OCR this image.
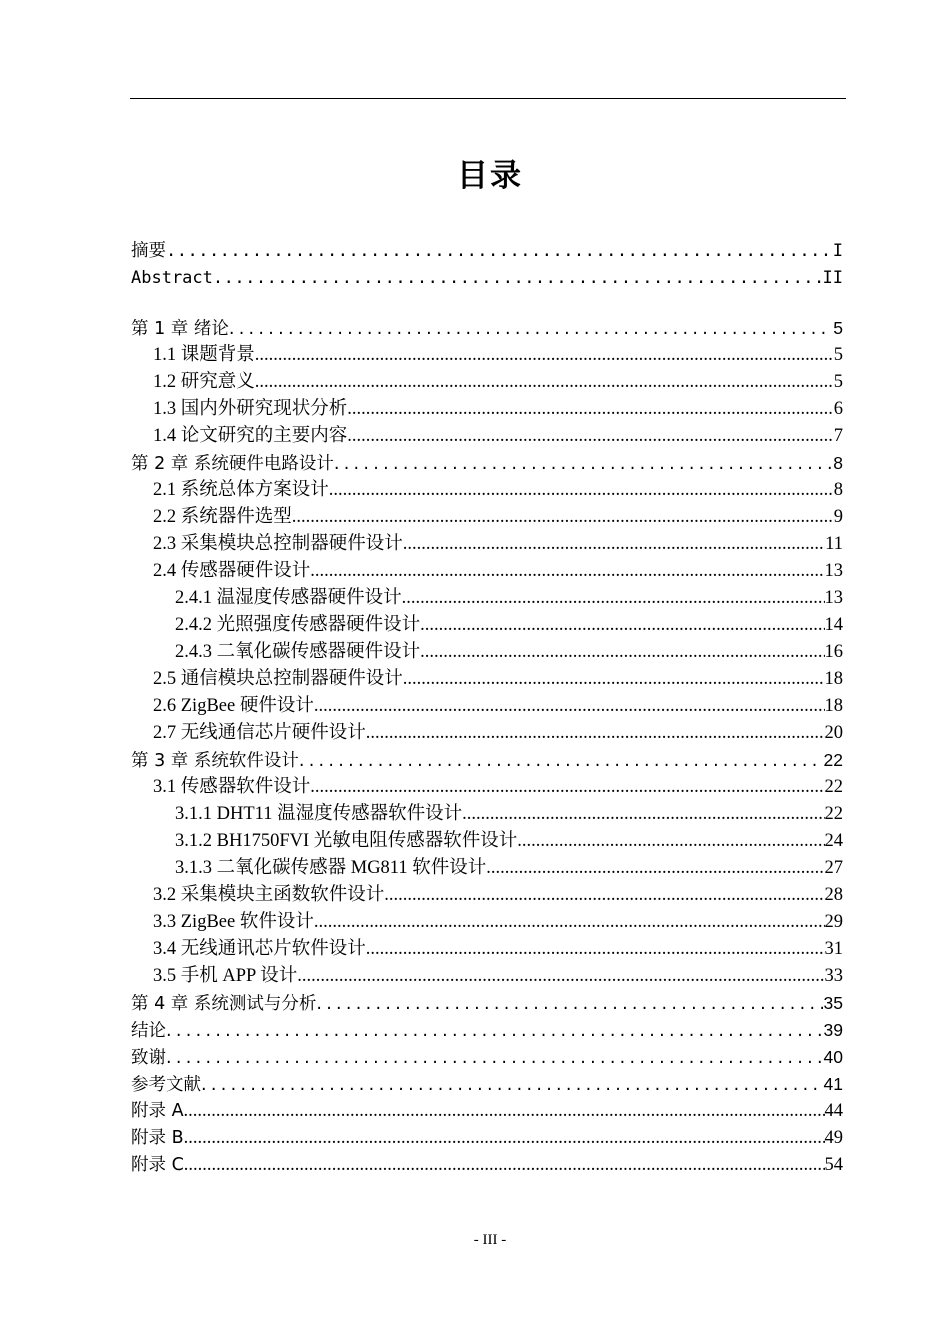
目录
摘要 .....	I
Abstract .....	II
第 1 章 绪论 .....	5
1.1 课题背景 .....	5
1.2 研究意义 .....	5
1.3 国内外研究现状分析 .....	6
1.4 论文研究的主要内容 .....	7
第 2 章 系统硬件电路设计 .....	8
2.1 系统总体方案设计 .....	8
2.2 系统器件选型 .....	9
2.3 采集模块总控制器硬件设计 .....	11
2.4 传感器硬件设计 .....	13
2.4.1 温湿度传感器硬件设计 .....	13
2.4.2 光照强度传感器硬件设计 .....	14
2.4.3 二氧化碳传感器硬件设计 .....	16
2.5 通信模块总控制器硬件设计 .....	18
2.6 ZigBee 硬件设计 .....	18
2.7 无线通信芯片硬件设计 .....	20
第 3 章 系统软件设计 .....	22
3.1 传感器软件设计 .....	22
3.1.1 DHT11 温湿度传感器软件设计 .....	22
3.1.2 BH1750FVI 光敏电阻传感器软件设计 .....	24
3.1.3 二氧化碳传感器 MG811 软件设计 .....	27
3.2 采集模块主函数软件设计 .....	28
3.3 ZigBee 软件设计 .....	29
3.4 无线通讯芯片软件设计 .....	31
3.5 手机 APP 设计 .....	33
第 4 章 系统测试与分析 .....	35
结论 .....	39
致谢 .....	40
参考文献 .....	41
附录 A .....	44
附录 B .....	49
附录 C .....	54
- III -
